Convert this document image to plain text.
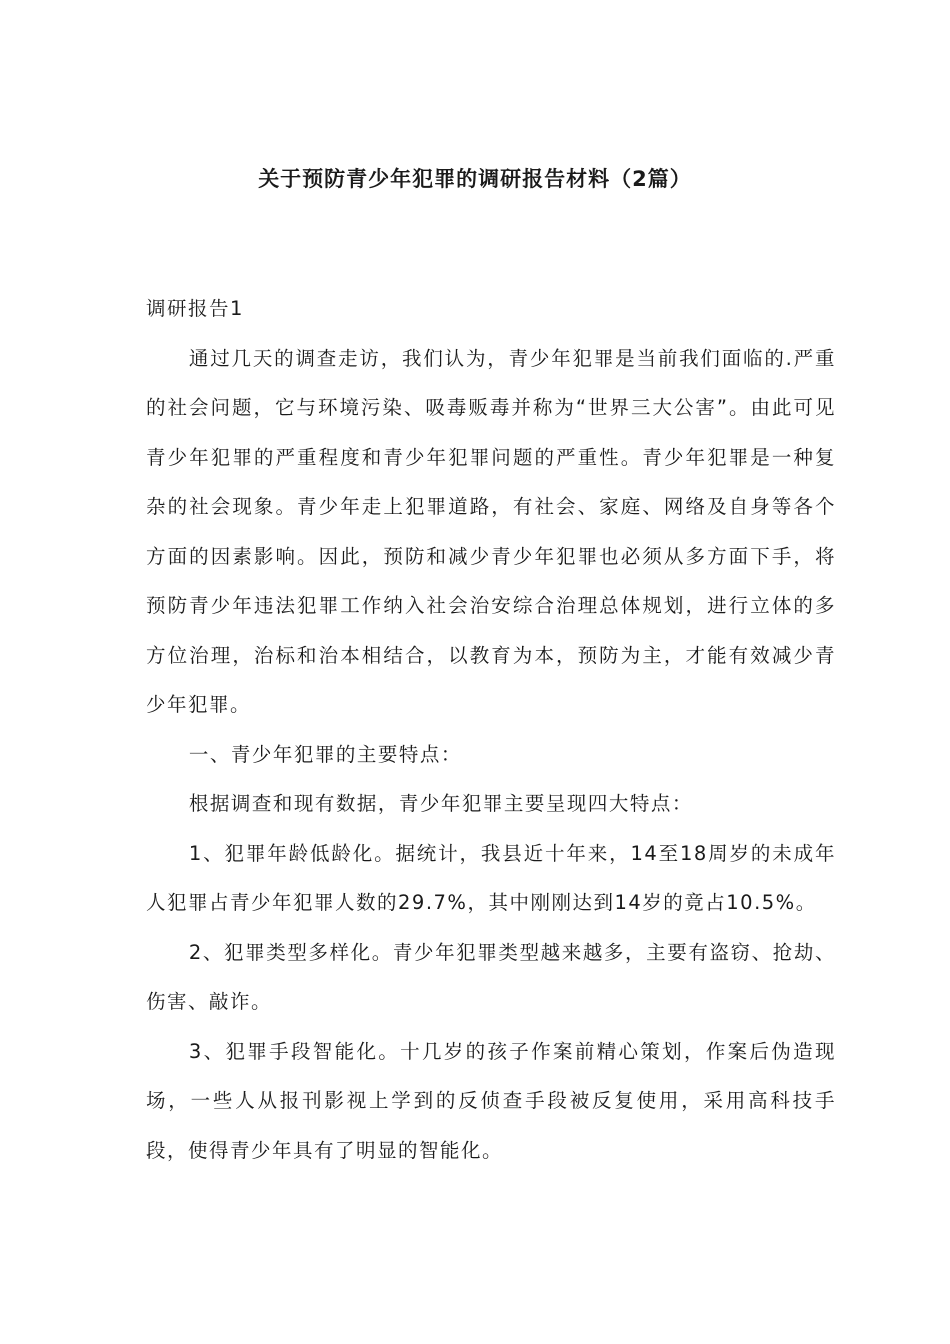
关于预防青少年犯罪的调研报告材料（2篇）

调研报告1

通过几天的调查走访，我们认为，青少年犯罪是当前我们面临的.严重的社会问题，它与环境污染、吸毒贩毒并称为“世界三大公害”。由此可见青少年犯罪的严重程度和青少年犯罪问题的严重性。青少年犯罪是一种复杂的社会现象。青少年走上犯罪道路，有社会、家庭、网络及自身等各个方面的因素影响。因此，预防和减少青少年犯罪也必须从多方面下手，将预防青少年违法犯罪工作纳入社会治安综合治理总体规划，进行立体的多方位治理，治标和治本相结合，以教育为本，预防为主，才能有效减少青少年犯罪。

一、青少年犯罪的主要特点：

根据调查和现有数据，青少年犯罪主要呈现四大特点：

1、犯罪年龄低龄化。据统计，我县近十年来，14至18周岁的未成年人犯罪占青少年犯罪人数的29.7%，其中刚刚达到14岁的竟占10.5%。

2、犯罪类型多样化。青少年犯罪类型越来越多，主要有盗窃、抢劫、伤害、敲诈。

3、犯罪手段智能化。十几岁的孩子作案前精心策划，作案后伪造现场，一些人从报刊影视上学到的反侦查手段被反复使用，采用高科技手段，使得青少年具有了明显的智能化。
